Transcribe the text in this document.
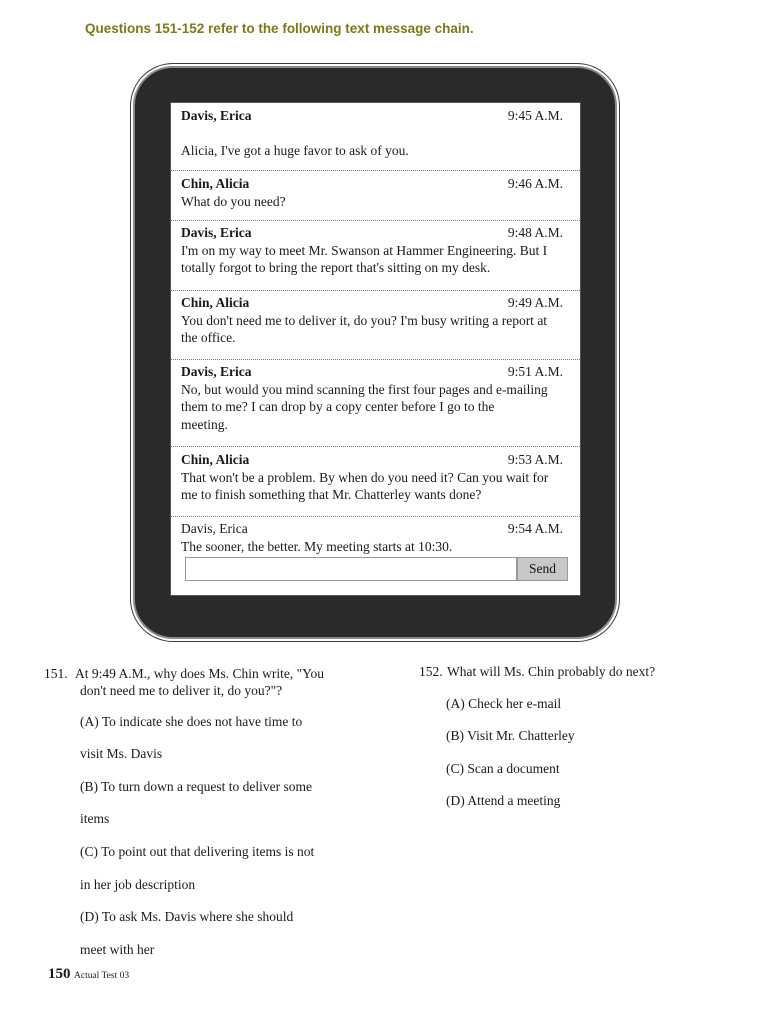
Questions 151-152 refer to the following text message chain.
Davis, Erica	9:45 A.M.
Alicia, I've got a huge favor to ask of you.
Chin, Alicia	9:46 A.M.
What do you need?
Davis, Erica	9:48 A.M.
I'm on my way to meet Mr. Swanson at Hammer Engineering. But I
totally forgot to bring the report that's sitting on my desk.
Chin, Alicia	9:49 A.M.
You don't need me to deliver it, do you? I'm busy writing a report at
the office.
Davis, Erica	9:51 A.M.
No, but would you mind scanning the first four pages and e-mailing
them to me? I can drop by a copy center before I go to the
meeting.
Chin, Alicia	9:53 A.M.
That won't be a problem. By when do you need it? Can you wait for
me to finish something that Mr. Chatterley wants done?
Davis, Erica	9:54 A.M.
The sooner, the better. My meeting starts at 10:30.
Send
151. At 9:49 A.M., why does Ms. Chin write, "You
don't need me to deliver it, do you?"?
(A) To indicate she does not have time to
visit Ms. Davis
(B) To turn down a request to deliver some
items
(C) To point out that delivering items is not
in her job description
(D) To ask Ms. Davis where she should
meet with her
152. What will Ms. Chin probably do next?
(A) Check her e-mail
(B) Visit Mr. Chatterley
(C) Scan a document
(D) Attend a meeting
150 Actual Test 03
